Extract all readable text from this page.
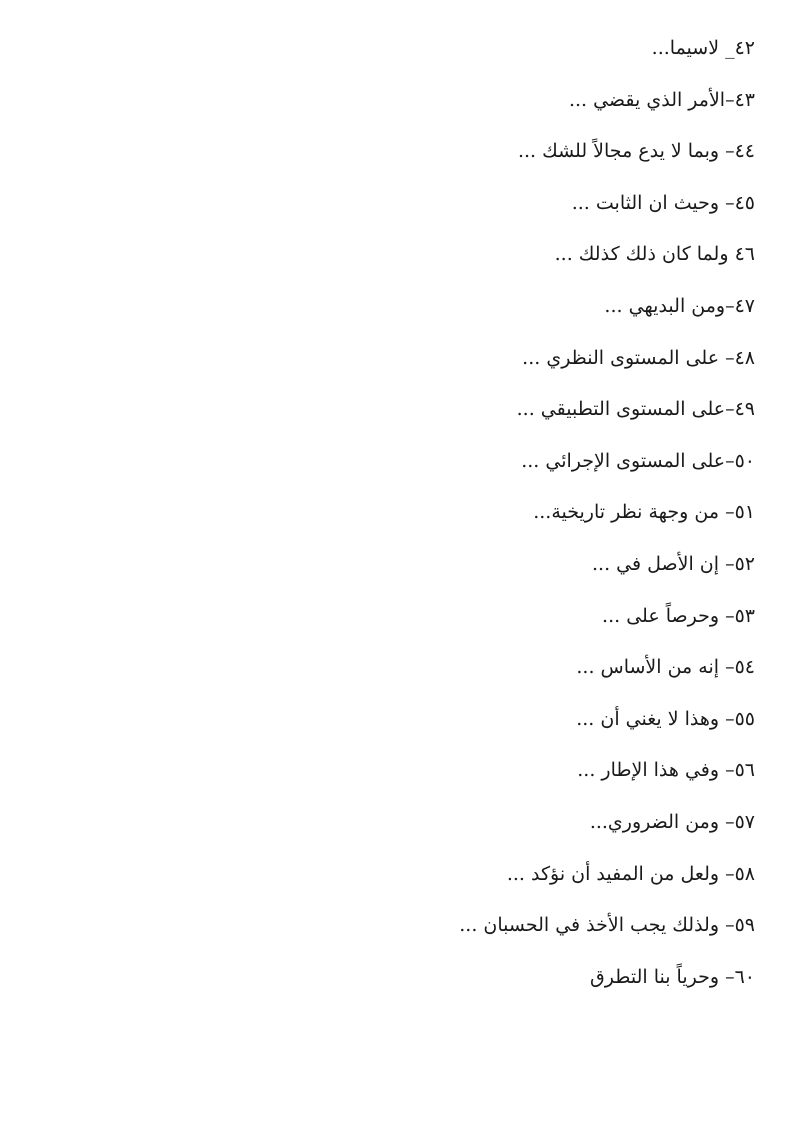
٤٢_ لاسيما...
٤٣–الأمر الذي يقضي ...
٤٤– وبما لا يدع مجالاً للشك ...
٤٥– وحيث ان الثابت ...
٤٦ ولما كان ذلك كذلك ...
٤٧–ومن البديهي ...
٤٨– على المستوى النظري ...
٤٩–على المستوى التطبيقي ...
٥٠–على المستوى الإجرائي ...
٥١– من وجهة نظر تاريخية...
٥٢– إن الأصل في ...
٥٣– وحرصاً على ...
٥٤– إنه من الأساس ...
٥٥– وهذا لا يغني أن ...
٥٦– وفي هذا الإطار ...
٥٧– ومن الضروري...
٥٨– ولعل من المفيد أن نؤكد ...
٥٩– ولذلك يجب الأخذ في الحسبان ...
٦٠– وحرياً بنا التطرق
